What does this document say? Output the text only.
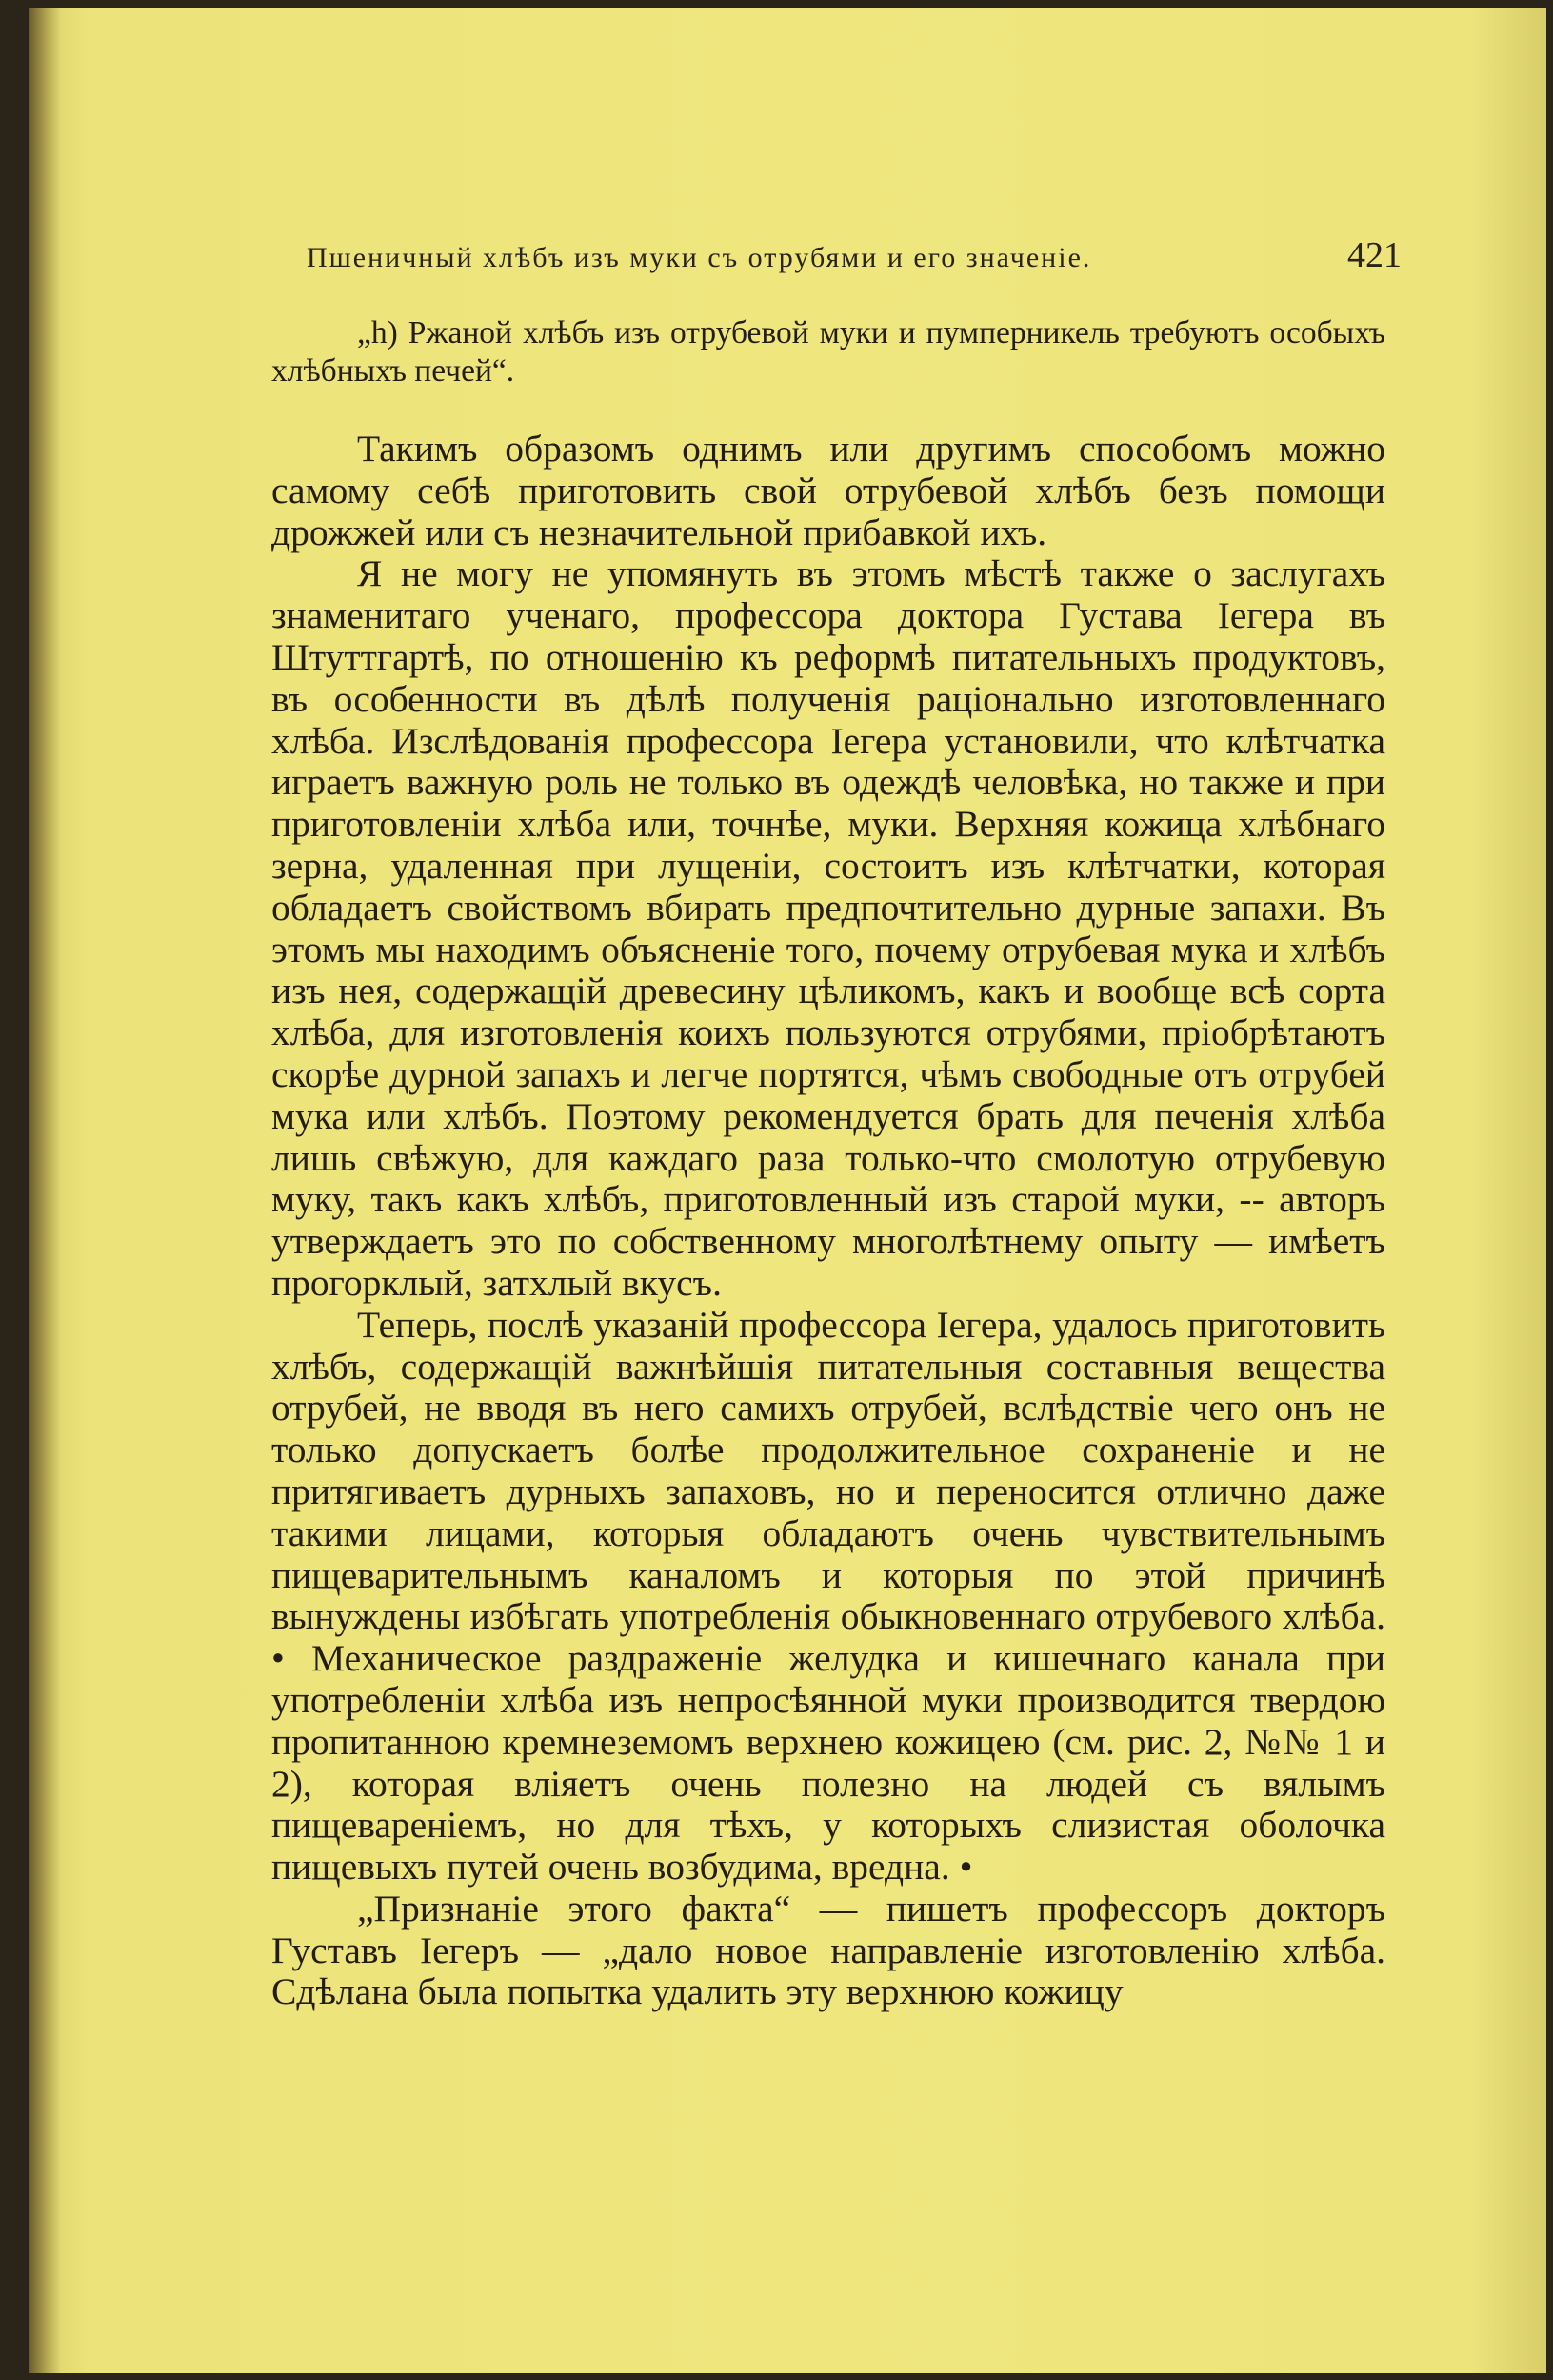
Пшеничный хлѣбъ изъ муки съ отрубями и его значеніе.	421

„h) Ржаной хлѣбъ изъ отрубевой муки и пумперникель требуютъ особыхъ хлѣбныхъ печей“.

Такимъ образомъ однимъ или другимъ способомъ можно самому себѣ приготовить свой отрубевой хлѣбъ безъ помощи дрожжей или съ незначительной прибавкой ихъ.

Я не могу не упомянуть въ этомъ мѣстѣ также о заслугахъ знаменитаго ученаго, профессора доктора Густава Іегера въ Штуттгартѣ, по отношенію къ реформѣ питательныхъ продуктовъ, въ особенности въ дѣлѣ полученія раціонально изготовленнаго хлѣба. Изслѣдованія профессора Іегера установили, что клѣтчатка играетъ важную роль не только въ одеждѣ человѣка, но также и при приготовленіи хлѣба или, точнѣе, муки. Верхняя кожица хлѣбнаго зерна, удаленная при лущеніи, состоитъ изъ клѣтчатки, которая обладаетъ свойствомъ вбирать предпочтительно дурные запахи. Въ этомъ мы находимъ объясненіе того, почему отрубевая мука и хлѣбъ изъ нея, содержащій древесину цѣликомъ, какъ и вообще всѣ сорта хлѣба, для изготовленія коихъ пользуются отрубями, пріобрѣтаютъ скорѣе дурной запахъ и легче портятся, чѣмъ свободные отъ отрубей мука или хлѣбъ. Поэтому рекомендуется брать для печенія хлѣба лишь свѣжую, для каждаго раза только-что смолотую отрубевую муку, такъ какъ хлѣбъ, приготовленный изъ старой муки, -- авторъ утверждаетъ это по собственному многолѣтнему опыту — имѣетъ прогорклый, затхлый вкусъ.

Теперь, послѣ указаній профессора Іегера, удалось приготовить хлѣбъ, содержащій важнѣйшія питательныя составныя вещества отрубей, не вводя въ него самихъ отрубей, вслѣдствіе чего онъ не только допускаетъ болѣе продолжительное сохраненіе и не притягиваетъ дурныхъ запаховъ, но и переносится отлично даже такими лицами, которыя обладаютъ очень чувствительнымъ пищеварительнымъ каналомъ и которыя по этой причинѣ вынуждены избѣгать употребленія обыкновеннаго отрубевого хлѣба. • Механическое раздраженіе желудка и кишечнаго канала при употребленіи хлѣба изъ непросѣянной муки производится твердою пропитанною кремнеземомъ верхнею кожицею (см. рис. 2, №№ 1 и 2), которая вліяетъ очень полезно на людей съ вялымъ пищевареніемъ, но для тѣхъ, у которыхъ слизистая оболочка пищевыхъ путей очень возбудима, вредна. •

„Признаніе этого факта“ — пишетъ профессоръ докторъ Густавъ Іегеръ — „дало новое направленіе изготовленію хлѣба. Сдѣлана была попытка удалить эту верхнюю кожицу
